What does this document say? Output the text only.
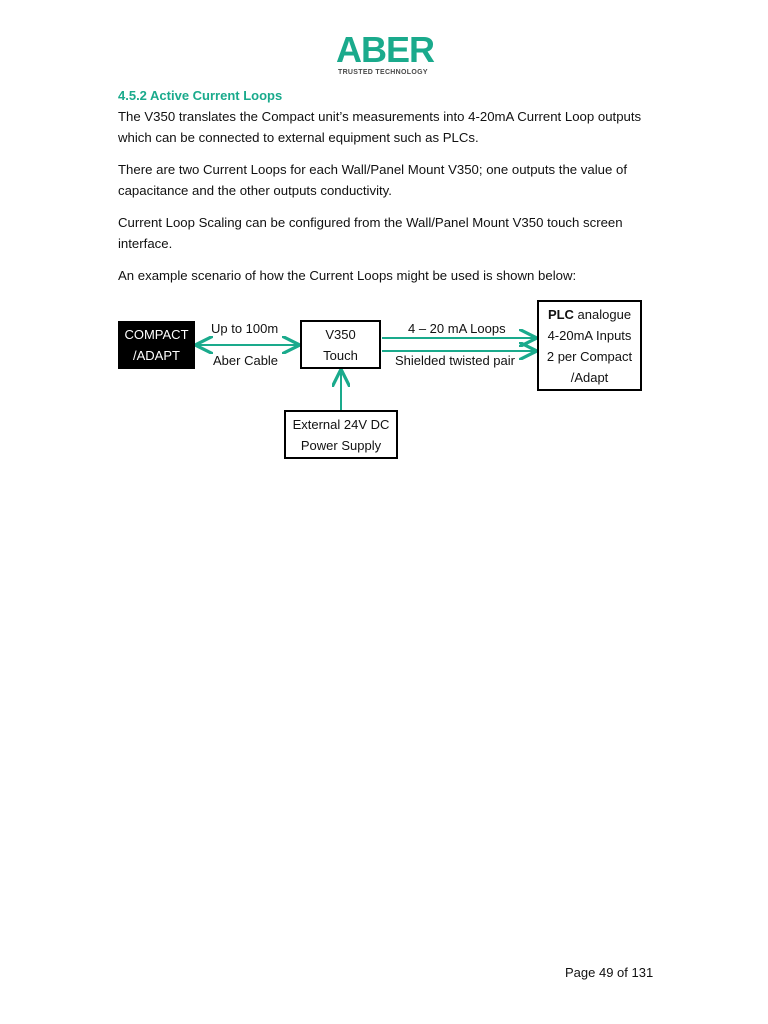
ABER
TRUSTED TECHNOLOGY
4.5.2 Active Current Loops

The V350 translates the Compact unit’s measurements into 4-20mA Current Loop outputs which can be connected to external equipment such as PLCs.

There are two Current Loops for each Wall/Panel Mount V350; one outputs the value of capacitance and the other outputs conductivity.

Current Loop Scaling can be configured from the Wall/Panel Mount V350 touch screen interface.

An example scenario of how the Current Loops might be used is shown below:

COMPACT
/ADAPT
Up to 100m
Aber Cable
V350
Touch
4 – 20 mA Loops
Shielded twisted pair
PLC analogue
4-20mA Inputs
2 per Compact
/Adapt
External 24V DC
Power Supply
Page 49 of 131
